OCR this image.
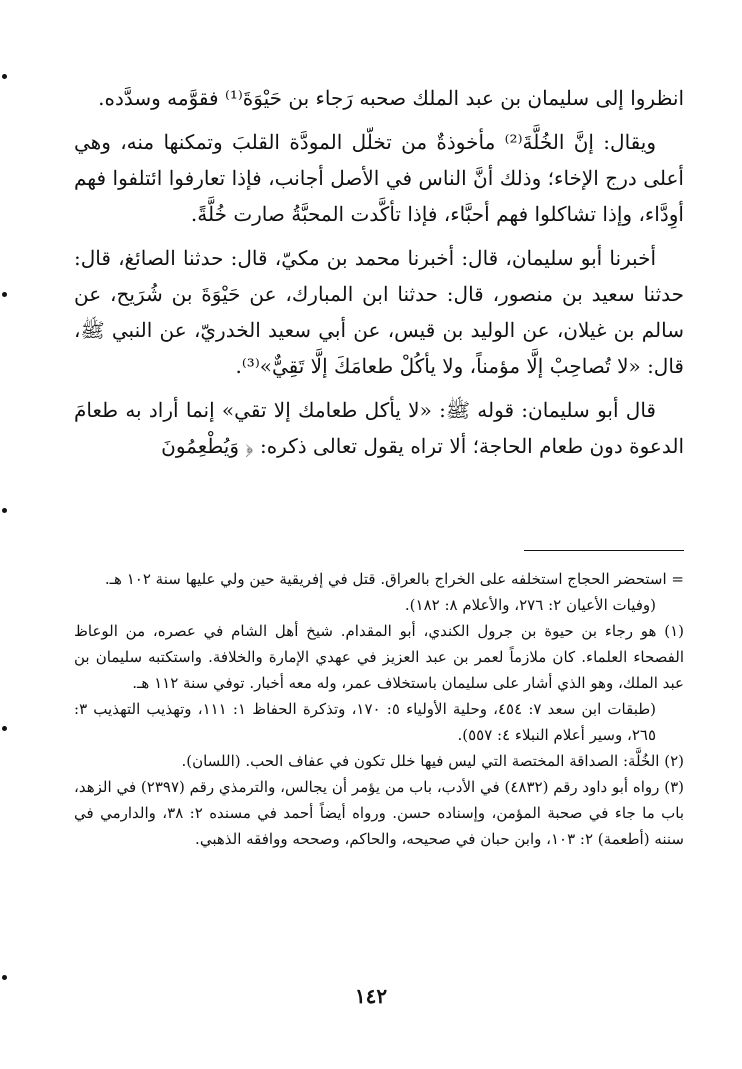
انظروا إلى سليمان بن عبد الملك صحبه رَجاء بن حَيْوَةَ⁽¹⁾ فقوَّمه وسدَّده.

ويقال: إنَّ الخُلَّةَ⁽²⁾ مأخوذةٌ من تخلّل المودَّة القلبَ وتمكنها منه، وهي أعلى درج الإخاء؛ وذلك أنَّ الناس في الأصل أجانب، فإذا تعارفوا ائتلفوا فهم أوِدَّاء، وإذا تشاكلوا فهم أحبَّاء، فإذا تأكَّدت المحبَّةُ صارت خُلَّةً.

أخبرنا أبو سليمان، قال: أخبرنا محمد بن مكيّ، قال: حدثنا الصائغ، قال: حدثنا سعيد بن منصور، قال: حدثنا ابن المبارك، عن حَيْوَةَ بن شُرَيح، عن سالم بن غيلان، عن الوليد بن قيس، عن أبي سعيد الخدريّ، عن النبي ﷺ، قال: «لا تُصاحِبْ إلَّا مؤمناً، ولا يأكُلْ طعامَكَ إلَّا تَقِيٌّ»⁽³⁾.

قال أبو سليمان: قوله ﷺ: «لا يأكل طعامك إلا تقي» إنما أراد به طعامَ الدعوة دون طعام الحاجة؛ ألا تراه يقول تعالى ذكره: ﴿ وَيُطْعِمُونَ

= استحضر الحجاج استخلفه على الخراج بالعراق. قتل في إفريقية حين ولي عليها سنة ١٠٢ هـ.

(وفيات الأعيان ٢: ٢٧٦، والأعلام ٨: ١٨٢).

(١) هو رجاء بن حيوة بن جرول الكندي، أبو المقدام. شيخ أهل الشام في عصره، من الوعاظ الفصحاء العلماء. كان ملازماً لعمر بن عبد العزيز في عهدي الإمارة والخلافة. واستكتبه سليمان بن عبد الملك، وهو الذي أشار على سليمان باستخلاف عمر، وله معه أخبار. توفي سنة ١١٢ هـ.

(طبقات ابن سعد ٧: ٤٥٤، وحلية الأولياء ٥: ١٧٠، وتذكرة الحفاظ ١: ١١١، وتهذيب التهذيب ٣: ٢٦٥، وسير أعلام النبلاء ٤: ٥٥٧).

(٢) الخُلَّة: الصداقة المختصة التي ليس فيها خلل تكون في عفاف الحب. (اللسان).

(٣) رواه أبو داود رقم (٤٨٣٢) في الأدب، باب من يؤمر أن يجالس، والترمذي رقم (٢٣٩٧) في الزهد، باب ما جاء في صحبة المؤمن، وإسناده حسن. ورواه أيضاً أحمد في مسنده ٢: ٣٨، والدارمي في سننه (أطعمة) ٢: ١٠٣، وابن حبان في صحيحه، والحاكم، وصححه ووافقه الذهبي.

١٤٢
